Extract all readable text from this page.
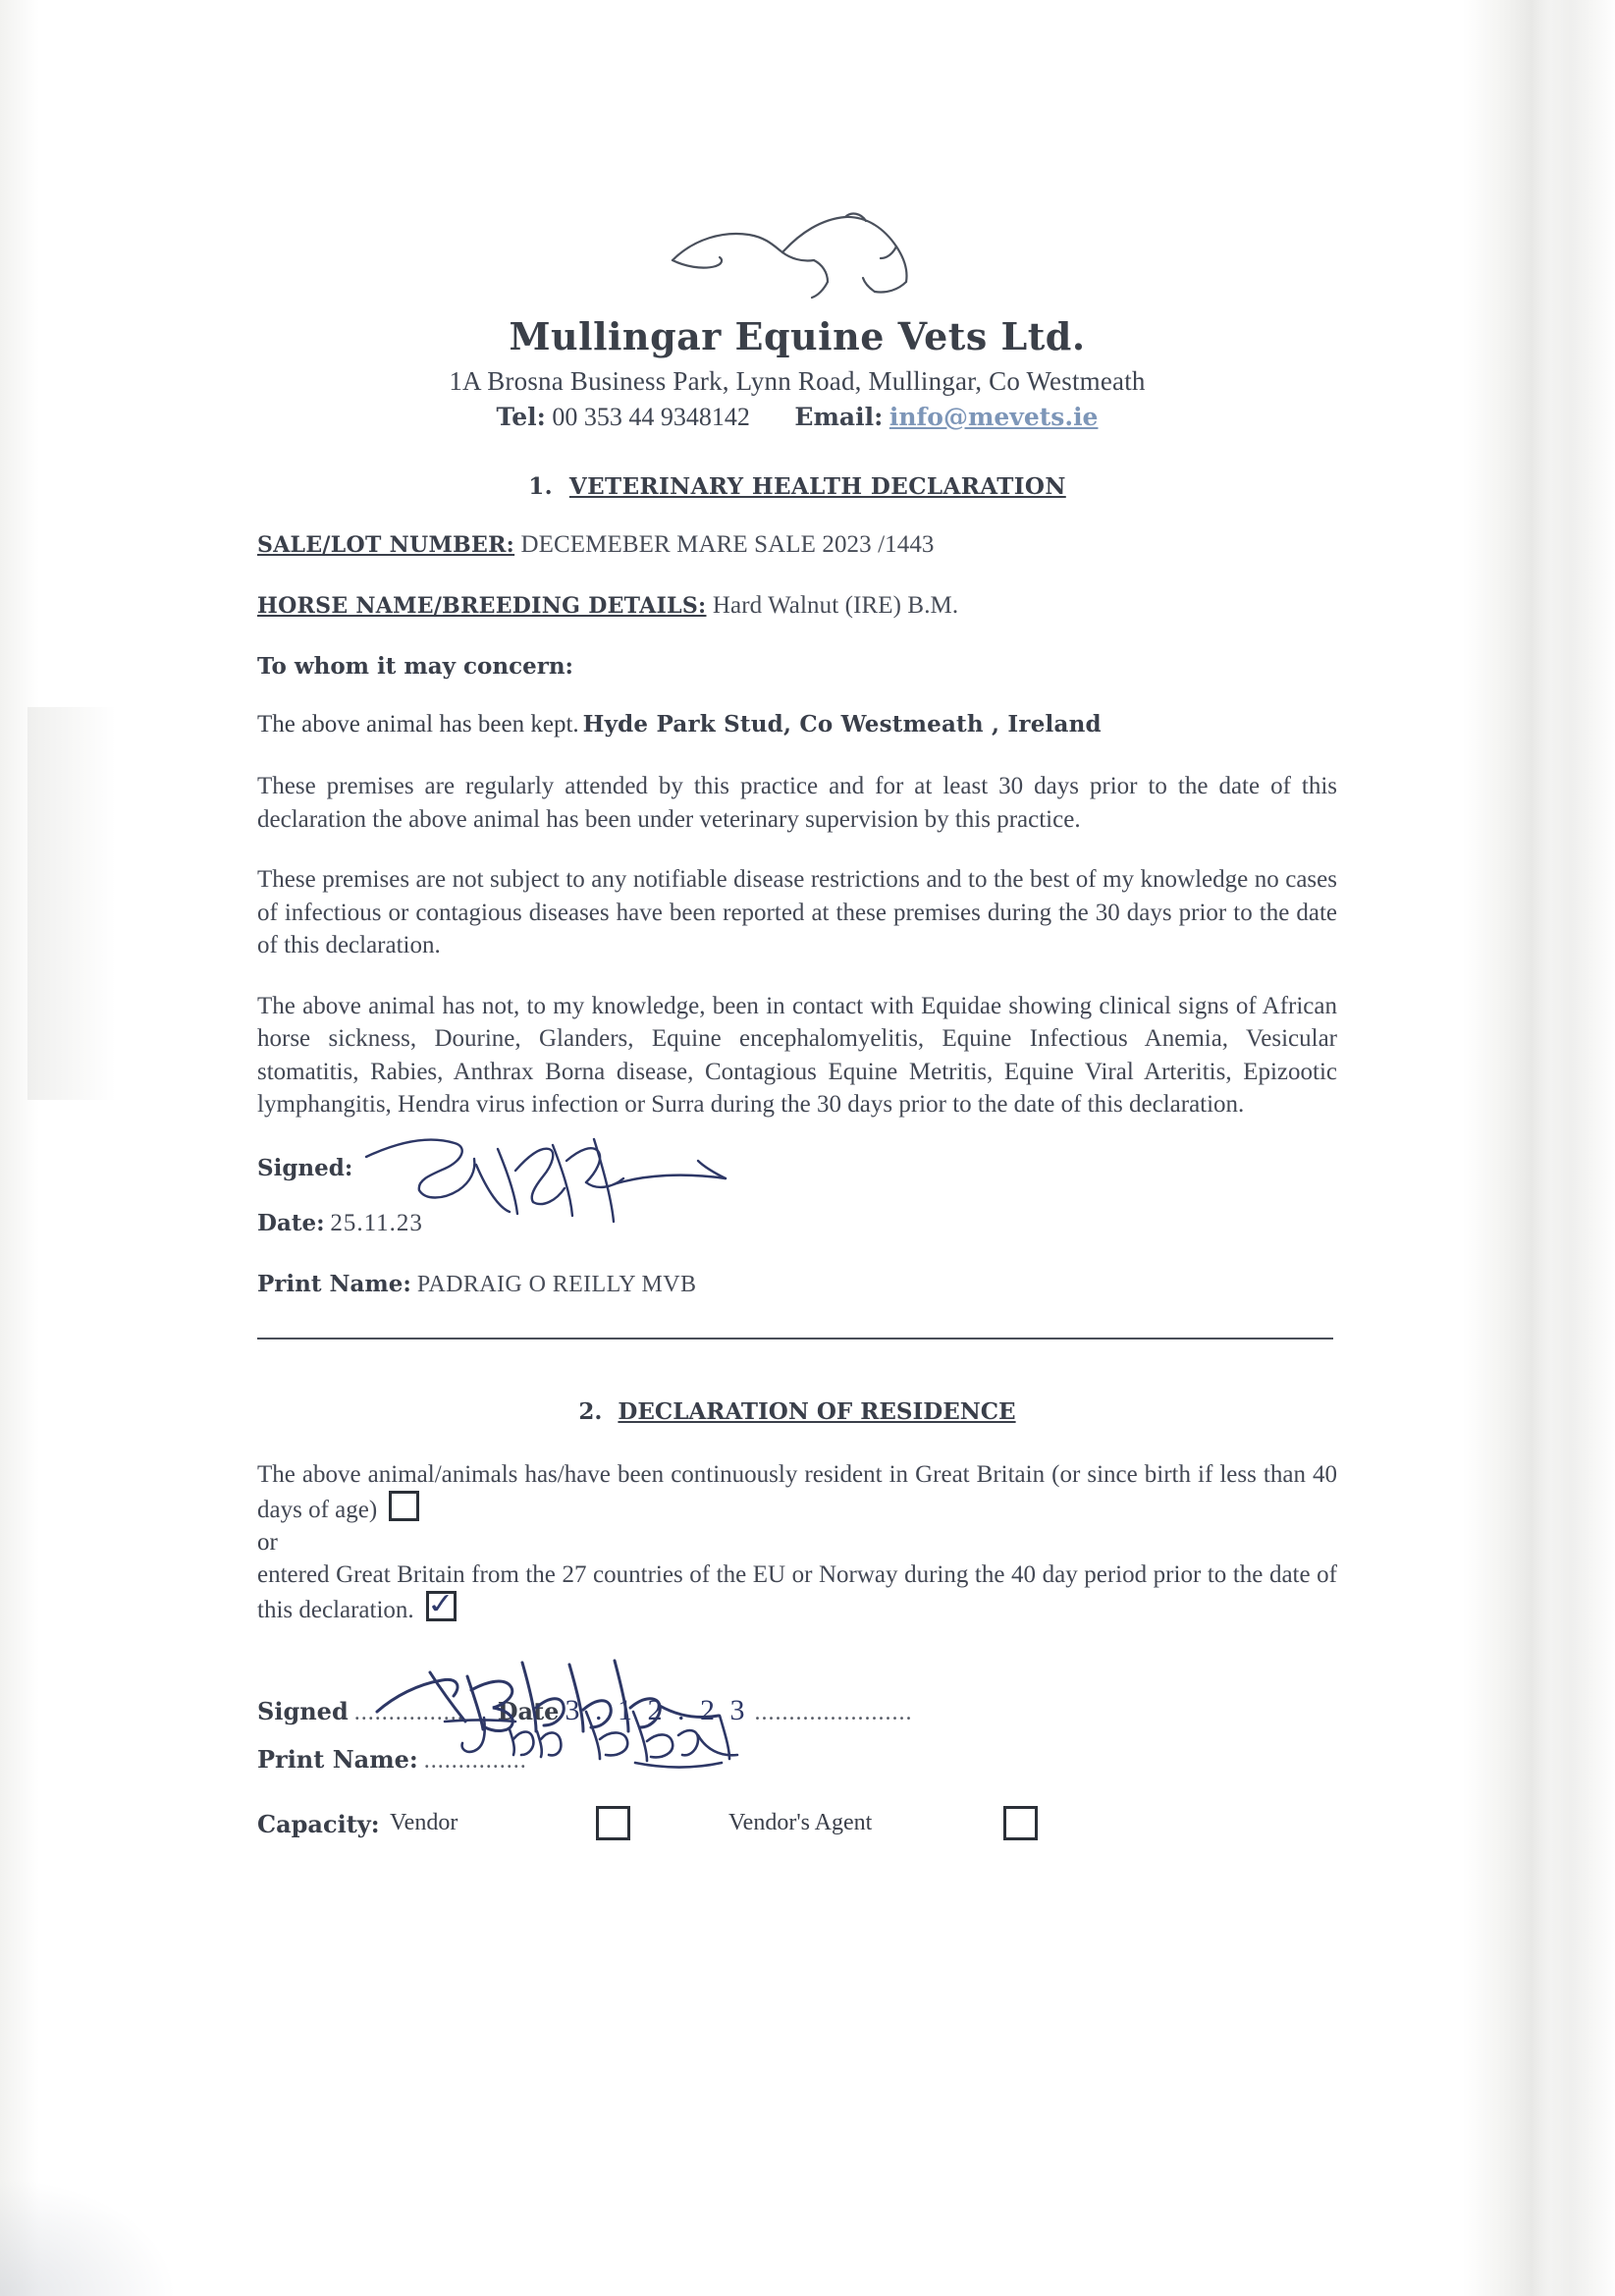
Mullingar Equine Vets Ltd.
1A Brosna Business Park, Lynn Road, Mullingar, Co Westmeath
Tel: 00 353 44 9348142 Email: info@mevets.ie
1. VETERINARY HEALTH DECLARATION
SALE/LOT NUMBER: DECEMEBER MARE SALE 2023 /1443
HORSE NAME/BREEDING DETAILS: Hard Walnut (IRE) B.M.
To whom it may concern:
The above animal has been kept. Hyde Park Stud, Co Westmeath , Ireland

These premises are regularly attended by this practice and for at least 30 days prior to the date of this declaration the above animal has been under veterinary supervision by this practice.

These premises are not subject to any notifiable disease restrictions and to the best of my knowledge no cases of infectious or contagious diseases have been reported at these premises during the 30 days prior to the date of this declaration.

The above animal has not, to my knowledge, been in contact with Equidae showing clinical signs of African horse sickness, Dourine, Glanders, Equine encephalomyelitis, Equine Infectious Anemia, Vesicular stomatitis, Rabies, Anthrax Borna disease, Contagious Equine Metritis, Equine Viral Arteritis, Epizootic lymphangitis, Hendra virus infection or Surra during the 30 days prior to the date of this declaration.

Signed:
Date: 25.11.23
Print Name: PADRAIG O REILLY MVB
2. DECLARATION OF RESIDENCE

The above animal/animals has/have been continuously resident in Great Britain (or since birth if less than 40 days of age)

or

entered Great Britain from the 27 countries of the EU or Norway during the 40 day period prior to the date of this declaration. ✓

Signed ................ Date 3 . 1 2 . 2 3 .......................
Print Name: ...............
Capacity: Vendor	Vendor's Agent
